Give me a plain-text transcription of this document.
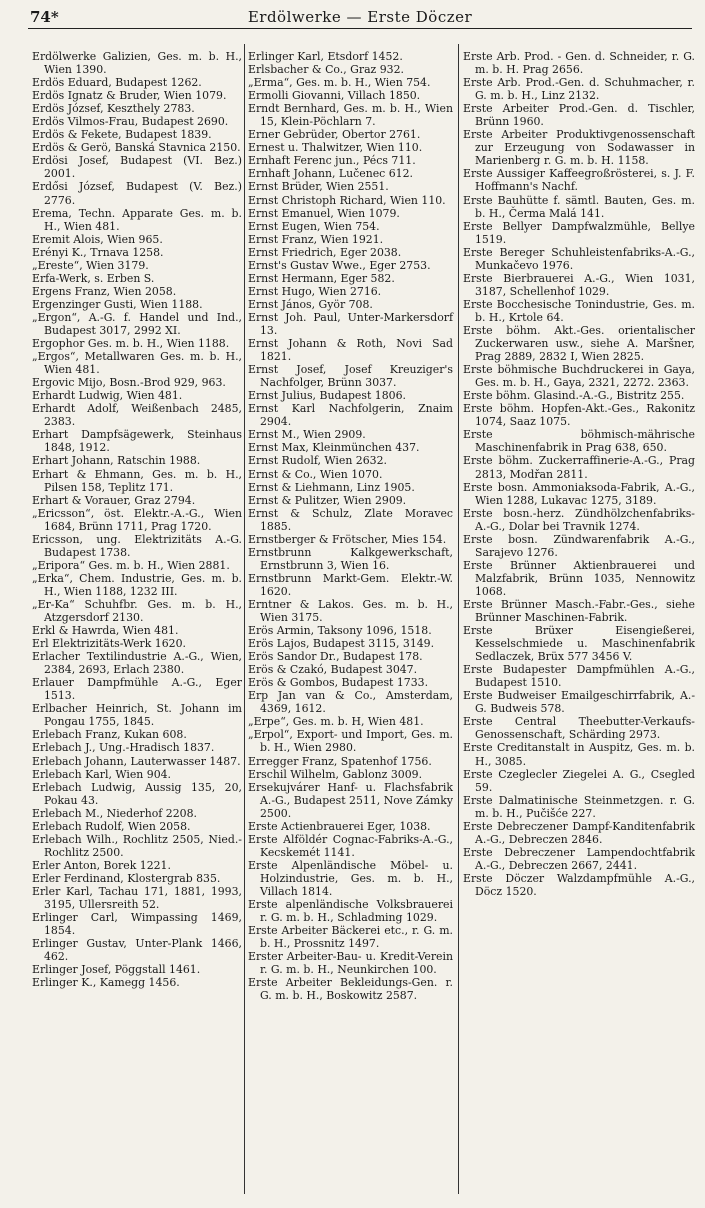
74*	Erdölwerke — Erste Döczer

Erdölwerke Galizien, Ges. m. b. H., Wien 1390.

Erdös Eduard, Budapest 1262.

Erdös Ignatz & Bruder, Wien 1079.

Erdös József, Keszthely 2783.

Erdös Vilmos-Frau, Budapest 2690.

Erdös & Fekete, Budapest 1839.

Erdös & Gerö, Banská Stavnica 2150.

Erdösi Josef, Budapest (VI. Bez.) 2001.

Erdősi József, Budapest (V. Bez.) 2776.

Erema, Techn. Apparate Ges. m. b. H., Wien 481.

Eremit Alois, Wien 965.

Erényi K., Trnava 1258.

„Ereste“, Wien 3179.

Erfa-Werk, s. Erben S.

Ergens Franz, Wien 2058.

Ergenzinger Gusti, Wien 1188.

„Ergon“, A.-G. f. Handel und Ind., Budapest 3017, 2992 XI.

Ergophor Ges. m. b. H., Wien 1188.

„Ergos“, Metallwaren Ges. m. b. H., Wien 481.

Ergovic Mijo, Bosn.-Brod 929, 963.

Erhardt Ludwig, Wien 481.

Erhardt Adolf, Weißenbach 2485, 2383.

Erhart Dampfsägewerk, Steinhaus 1848, 1912.

Erhart Johann, Ratschin 1988.

Erhart & Ehmann, Ges. m. b. H., Pilsen 158, Teplitz 171.

Erhart & Vorauer, Graz 2794.

„Ericsson“, öst. Elektr.-A.-G., Wien 1684, Brünn 1711, Prag 1720.

Ericsson, ung. Elektrizitäts A.-G. Budapest 1738.

„Eripora“ Ges. m. b. H., Wien 2881.

„Erka“, Chem. Industrie, Ges. m. b. H., Wien 1188, 1232 III.

„Er-Ka“ Schuhfbr. Ges. m. b. H., Atzgersdorf 2130.

Erkl & Hawrda, Wien 481.

Erl Elektrizitäts-Werk 1620.

Erlacher Textilindustrie A.-G., Wien, 2384, 2693, Erlach 2380.

Erlauer Dampfmühle A.-G., Eger 1513.

Erlbacher Heinrich, St. Johann im Pongau 1755, 1845.

Erlebach Franz, Kukan 608.

Erlebach J., Ung.-Hradisch 1837.

Erlebach Johann, Lauterwasser 1487.

Erlebach Karl, Wien 904.

Erlebach Ludwig, Aussig 135, 20, Pokau 43.

Erlebach M., Niederhof 2208.

Erlebach Rudolf, Wien 2058.

Erlebach Wilh., Rochlitz 2505, Nied.-Rochlitz 2500.

Erler Anton, Borek 1221.

Erler Ferdinand, Klostergrab 835.

Erler Karl, Tachau 171, 1881, 1993, 3195, Ullersreith 52.

Erlinger Carl, Wimpassing 1469, 1854.

Erlinger Gustav, Unter-Plank 1466, 462.

Erlinger Josef, Pöggstall 1461.

Erlinger K., Kamegg 1456.

Erlinger Karl, Etsdorf 1452.

Erlsbacher & Co., Graz 932.

„Erma“, Ges. m. b. H., Wien 754.

Ermolli Giovanni, Villach 1850.

Erndt Bernhard, Ges. m. b. H., Wien 15, Klein-Pöchlarn 7.

Erner Gebrüder, Obertor 2761.

Ernest u. Thalwitzer, Wien 110.

Ernhaft Ferenc jun., Pécs 711.

Ernhaft Johann, Lučenec 612.

Ernst Brüder, Wien 2551.

Ernst Christoph Richard, Wien 110.

Ernst Emanuel, Wien 1079.

Ernst Eugen, Wien 754.

Ernst Franz, Wien 1921.

Ernst Friedrich, Eger 2038.

Ernst's Gustav Wwe., Eger 2753.

Ernst Hermann, Eger 582.

Ernst Hugo, Wien 2716.

Ernst János, Györ 708.

Ernst Joh. Paul, Unter-Markersdorf 13.

Ernst Johann & Roth, Novi Sad 1821.

Ernst Josef, Josef Kreuziger's Nachfolger, Brünn 3037.

Ernst Julius, Budapest 1806.

Ernst Karl Nachfolgerin, Znaim 2904.

Ernst M., Wien 2909.

Ernst Max, Kleinmünchen 437.

Ernst Rudolf, Wien 2632.

Ernst & Co., Wien 1070.

Ernst & Liehmann, Linz 1905.

Ernst & Pulitzer, Wien 2909.

Ernst & Schulz, Zlate Moravec 1885.

Ernstberger & Frötscher, Mies 154.

Ernstbrunn Kalkgewerkschaft, Ernstbrunn 3, Wien 16.

Ernstbrunn Markt-Gem. Elektr.-W. 1620.

Erntner & Lakos. Ges. m. b. H., Wien 3175.

Erös Armin, Taksony 1096, 1518.

Erös Lajos, Budapest 3115, 3149.

Erös Sandor Dr., Budapest 178.

Erös & Czakó, Budapest 3047.

Erös & Gombos, Budapest 1733.

Erp Jan van & Co., Amsterdam, 4369, 1612.

„Erpe“, Ges. m. b. H, Wien 481.

„Erpol“, Export- und Import, Ges. m. b. H., Wien 2980.

Erregger Franz, Spatenhof 1756.

Erschil Wilhelm, Gablonz 3009.

Ersekujvárer Hanf- u. Flachsfabrik A.-G., Budapest 2511, Nove Zámky 2500.

Erste Actienbrauerei Eger, 1038.

Erste Alföldér Cognac-Fabriks-A.-G., Kecskemét 1141.

Erste Alpenländische Möbel- u. Holzindustrie, Ges. m. b. H., Villach 1814.

Erste alpenländische Volksbrauerei r. G. m. b. H., Schladming 1029.

Erste Arbeiter Bäckerei etc., r. G. m. b. H., Prossnitz 1497.

Erster Arbeiter-Bau- u. Kredit-Verein r. G. m. b. H., Neunkirchen 100.

Erste Arbeiter Bekleidungs-Gen. r. G. m. b. H., Boskowitz 2587.

Erste Arb. Prod. - Gen. d. Schneider, r. G. m. b. H. Prag 2656.

Erste Arb. Prod.-Gen. d. Schuhmacher, r. G. m. b. H., Linz 2132.

Erste Arbeiter Prod.-Gen. d. Tischler, Brünn 1960.

Erste Arbeiter Produktivgenossenschaft zur Erzeugung von Sodawasser in Marienberg r. G. m. b. H. 1158.

Erste Aussiger Kaffeegroßrösterei, s. J. F. Hoffmann's Nachf.

Erste Bauhütte f. sämtl. Bauten, Ges. m. b. H., Čerma Malá 141.

Erste Bellyer Dampfwalzmühle, Bellye 1519.

Erste Bereger Schuhleistenfabriks-A.-G., Munkačevo 1976.

Erste Bierbrauerei A.-G., Wien 1031, 3187, Schellenhof 1029.

Erste Bocchesische Tonindustrie, Ges. m. b. H., Krtole 64.

Erste böhm. Akt.-Ges. orientalischer Zuckerwaren usw., siehe A. Maršner, Prag 2889, 2832 I, Wien 2825.

Erste böhmische Buchdruckerei in Gaya, Ges. m. b. H., Gaya, 2321, 2272. 2363.

Erste böhm. Glasind.-A.-G., Bistritz 255.

Erste böhm. Hopfen-Akt.-Ges., Rakonitz 1074, Saaz 1075.

Erste böhmisch-mährische Maschinenfabrik in Prag 638, 650.

Erste böhm. Zuckerraffinerie-A.-G., Prag 2813, Modřan 2811.

Erste bosn. Ammoniaksoda-Fabrik, A.-G., Wien 1288, Lukavac 1275, 3189.

Erste bosn.-herz. Zündhölzchenfabriks-A.-G., Dolar bei Travnik 1274.

Erste bosn. Zündwarenfabrik A.-G., Sarajevo 1276.

Erste Brünner Aktienbrauerei und Malzfabrik, Brünn 1035, Nennowitz 1068.

Erste Brünner Masch.-Fabr.-Ges., siehe Brünner Maschinen-Fabrik.

Erste Brüxer Eisengießerei, Kesselschmiede u. Maschinenfabrik Sedlaczek, Brüx 577 3456 V.

Erste Budapester Dampfmühlen A.-G., Budapest 1510.

Erste Budweiser Emailgeschirrfabrik, A.-G. Budweis 578.

Erste Central Theebutter-Verkaufs-Genossenschaft, Schärding 2973.

Erste Creditanstalt in Auspitz, Ges. m. b. H., 3085.

Erste Czeglecler Ziegelei A. G., Csegled 59.

Erste Dalmatinische Steinmetzgen. r. G. m. b. H., Pučišće 227.

Erste Debreczener Dampf-Kanditenfabrik A.-G., Debreczen 2846.

Erste Debreczener Lampendochtfabrik A.-G., Debreczen 2667, 2441.

Erste Döczer Walzdampfmühle A.-G., Döcz 1520.
